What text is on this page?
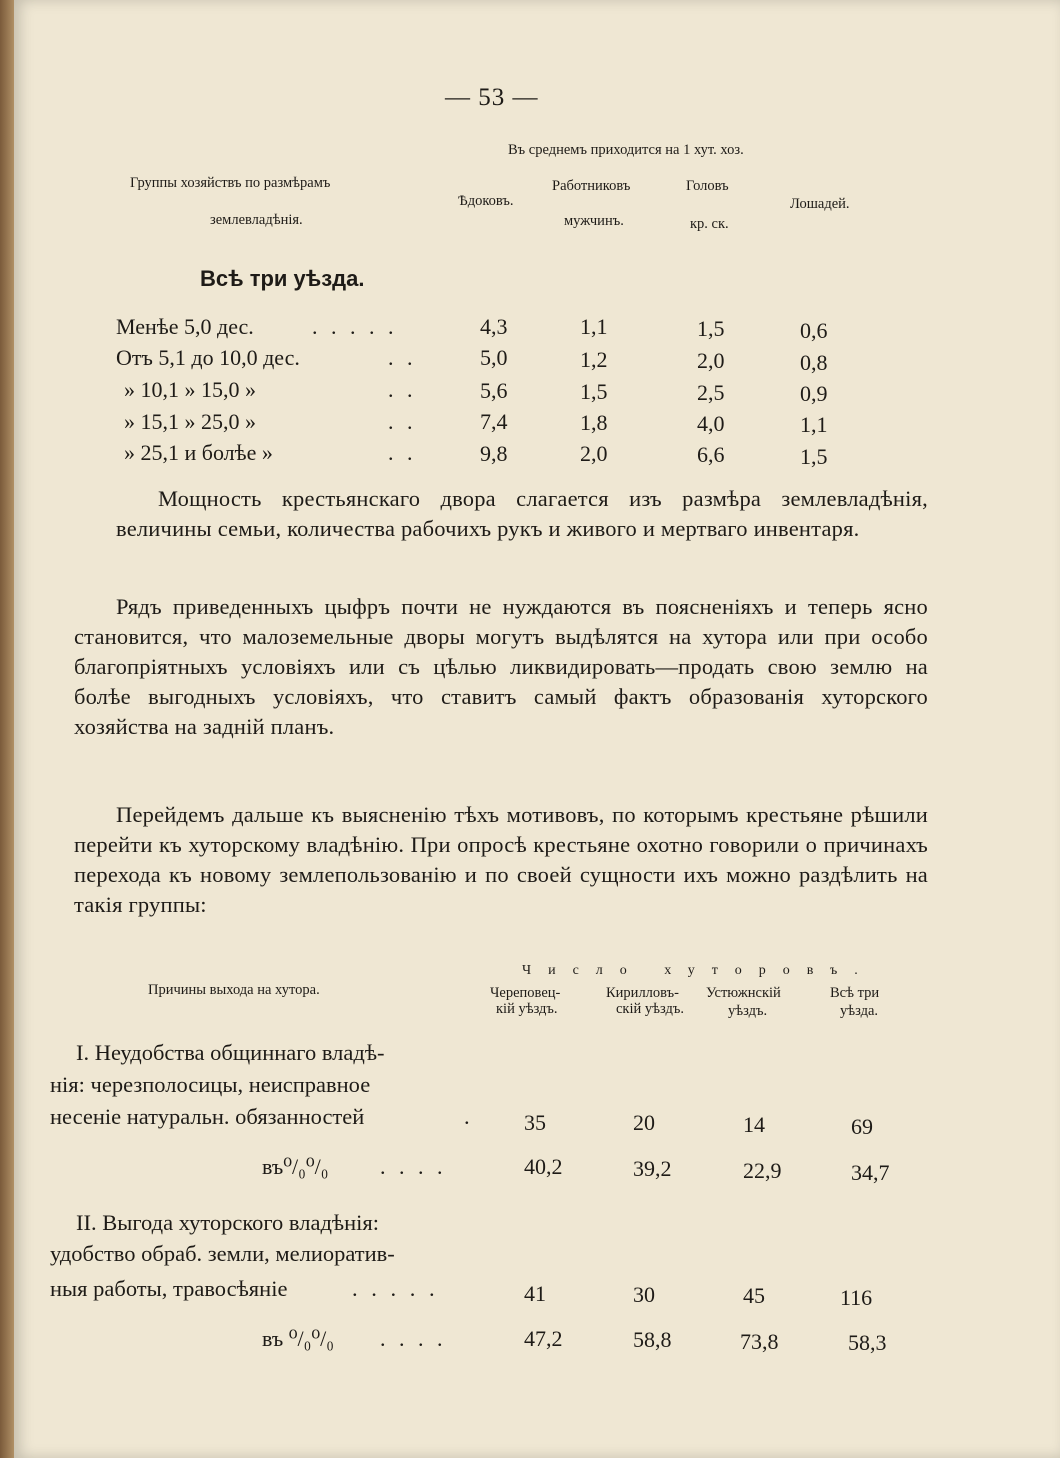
— 53 —
Въ среднемъ приходится на 1 хут. хоз.
Группы хозяйствъ по размѣрамъ
землевладѣнія.
Ѣдоковъ.
Работниковъ
мужчинъ.
Головъ
кр. ск.
Лошадей.
Всѣ три уѣзда.
Менѣе 5,0 дес.	. . . . .	4,3	1,1	1,5	0,6
Отъ 5,1 до 10,0 дес.	. .	5,0	1,2	2,0	0,8
» 10,1 » 15,0 »	. .	5,6	1,5	2,5	0,9
» 15,1 » 25,0 »	. .	7,4	1,8	4,0	1,1
» 25,1 и болѣе »	. .	9,8	2,0	6,6	1,5

Мощность крестьянскаго двора слагается изъ размѣра землевладѣнія, величины семьи, количества рабочихъ рукъ и живого и мертваго инвентаря.

Рядъ приведенныхъ цыфръ почти не нуждаются въ поясненіяхъ и теперь ясно становится, что малоземельные дворы могутъ выдѣлятся на хутора или при особо благопріятныхъ условіяхъ или съ цѣлью ликвидировать—продать свою землю на болѣе выгодныхъ условіяхъ, что ставитъ самый фактъ образованія хуторского хозяйства на задній планъ.

Перейдемъ дальше къ выясненію тѣхъ мотивовъ, по которымъ крестьяне рѣшили перейти къ хуторскому владѣнію. При опросѣ крестьяне охотно говорили о причинахъ перехода къ новому землепользованію и по своей сущности ихъ можно раздѣлить на такія группы:

Причины выхода на хутора.
Число хуторовъ.
Череповец-
кій уѣздъ.
Кирилловъ-
скій уѣздъ.
Устюжнскій
уѣздъ.
Всѣ три
уѣзда.
I. Неудобства общиннаго владѣ-
нія: черезполосицы, неисправное
несеніе натуральн. обязанностей	. 35	20	14	69
въ⁰/₀⁰/₀ . . . .	40,2	39,2	22,9	34,7
II. Выгода хуторского владѣнія:
удобство обраб. земли, мелиоратив-
ныя работы, травосѣяніе	. . . . .	41	30	45	116
въ ⁰/₀⁰/₀ . . . .	47,2	58,8	73,8	58,3
